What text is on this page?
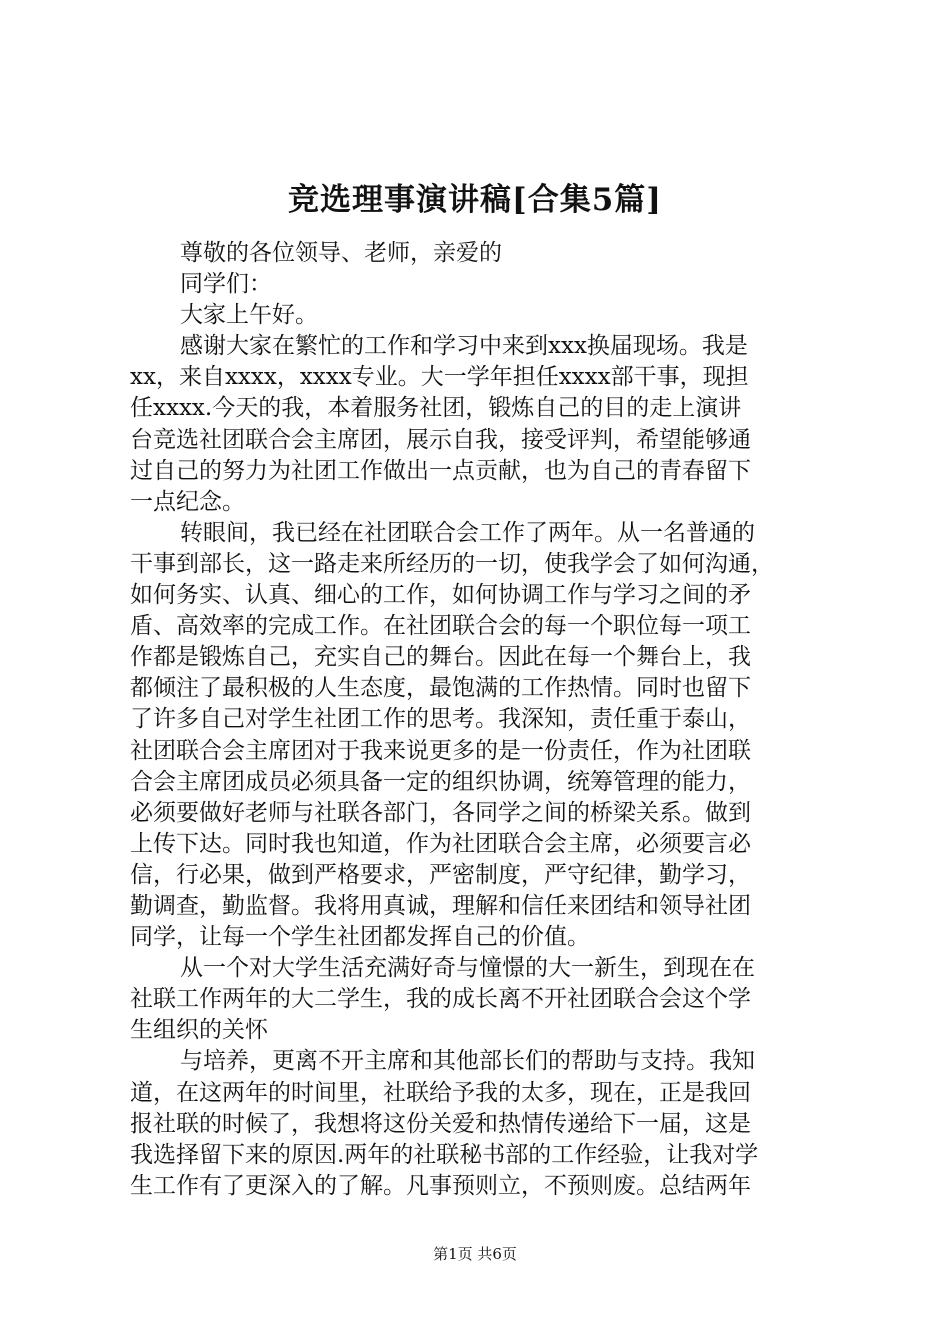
竞选理事演讲稿[合集5篇]
尊敬的各位领导、老师，亲爱的
同学们：
大家上午好。
感谢大家在繁忙的工作和学习中来到xxx换届现场。我是
xx，来自xxxx，xxxx专业。大一学年担任xxxx部干事，现担
任xxxx.今天的我，本着服务社团，锻炼自己的目的走上演讲
台竞选社团联合会主席团，展示自我，接受评判，希望能够通
过自己的努力为社团工作做出一点贡献，也为自己的青春留下
一点纪念。
转眼间，我已经在社团联合会工作了两年。从一名普通的
干事到部长，这一路走来所经历的一切，使我学会了如何沟通，
如何务实、认真、细心的工作，如何协调工作与学习之间的矛
盾、高效率的完成工作。在社团联合会的每一个职位每一项工
作都是锻炼自己，充实自己的舞台。因此在每一个舞台上，我
都倾注了最积极的人生态度，最饱满的工作热情。同时也留下
了许多自己对学生社团工作的思考。我深知，责任重于泰山，
社团联合会主席团对于我来说更多的是一份责任，作为社团联
合会主席团成员必须具备一定的组织协调，统筹管理的能力，
必须要做好老师与社联各部门，各同学之间的桥梁关系。做到
上传下达。同时我也知道，作为社团联合会主席，必须要言必
信，行必果，做到严格要求，严密制度，严守纪律，勤学习，
勤调查，勤监督。我将用真诚，理解和信任来团结和领导社团
同学，让每一个学生社团都发挥自己的价值。
从一个对大学生活充满好奇与憧憬的大一新生，到现在在
社联工作两年的大二学生，我的成长离不开社团联合会这个学
生组织的关怀
与培养，更离不开主席和其他部长们的帮助与支持。我知
道，在这两年的时间里，社联给予我的太多，现在，正是我回
报社联的时候了，我想将这份关爱和热情传递给下一届，这是
我选择留下来的原因.两年的社联秘书部的工作经验，让我对学
生工作有了更深入的了解。凡事预则立，不预则废。总结两年
第1页 共6页
